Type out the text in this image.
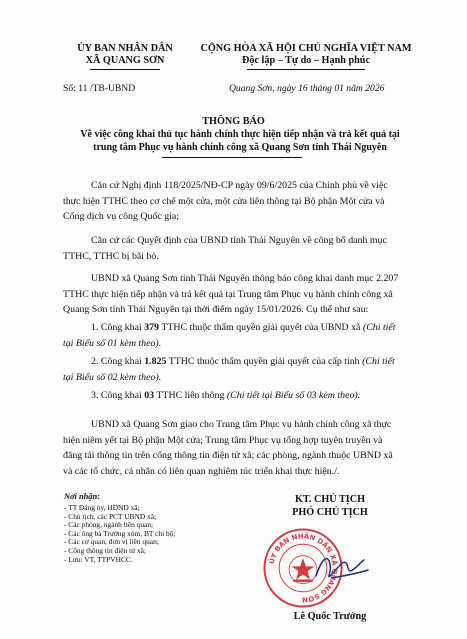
ỦY BAN NHÂN DÂN
XÃ QUANG SƠN
CỘNG HÒA XÃ HỘI CHỦ NGHĨA VIỆT NAM
Độc lập – Tự do – Hạnh phúc
Số: 11 /TB-UBND	Quang Sơn, ngày 16 tháng 01 năm 2026
THÔNG BÁO
Về việc công khai thủ tục hành chính thực hiện tiếp nhận và trả kết quả tại
trung tâm Phục vụ hành chính công xã Quang Sơn tỉnh Thái Nguyên
Căn cứ Nghị định 118/2025/NĐ-CP ngày 09/6/2025 của Chính phủ về việc
thực hiện TTHC theo cơ chế một cửa, một cửa liên thông tại Bộ phận Một cửa và
Cổng dịch vụ công Quốc gia;
Căn cứ các Quyết định của UBND tỉnh Thái Nguyên về công bố danh mục
TTHC, TTHC bị bãi bỏ.
UBND xã Quang Sơn tỉnh Thái Nguyên thông báo công khai danh mục 2.207
TTHC thực hiện tiếp nhận và trả kết quả tại Trung tâm Phục vụ hành chính công xã
Quang Sơn tỉnh Thái Nguyên tại thời điểm ngày 15/01/2026. Cụ thể như sau:
1. Công khai 379 TTHC thuộc thẩm quyền giải quyết của UBND xã (Chi tiết
tại Biểu số 01 kèm theo).
2. Công khai 1.825 TTHC thuộc thẩm quyền giải quyết của cấp tỉnh (Chi tiết
tại Biểu số 02 kèm theo).
3. Công khai 03 TTHC liên thông (Chi tiết tại Biểu số 03 kèm theo).
UBND xã Quang Sơn giao cho Trung tâm Phục vụ hành chính công xã thực
hiện niêm yết tại Bộ phận Một cửa; Trung tâm Phục vụ tổng hợp tuyên truyền và
đăng tải thông tin trên cổng thông tin điện tử xã; các phòng, ngành thuộc UBND xã
và các tổ chức, cá nhân có liên quan nghiêm túc triển khai thực hiện./.
Nơi nhận:
- TT Đảng ủy, HĐND xã;
- Chủ tịch, các PCT UBND xã;
- Các phòng, ngành liên quan;
- Các ông bà Trưởng xóm, BT chi bộ;
- Các cơ quan, đơn vị liên quan;
- Cổng thông tin điện tử xã;
- Lưu: VT, TTPVHCC.
KT. CHỦ TỊCH
PHÓ CHỦ TỊCH
ỦY BAN NHÂN DÂN XÃ QUANG SƠN
Lê Quốc Trưởng
